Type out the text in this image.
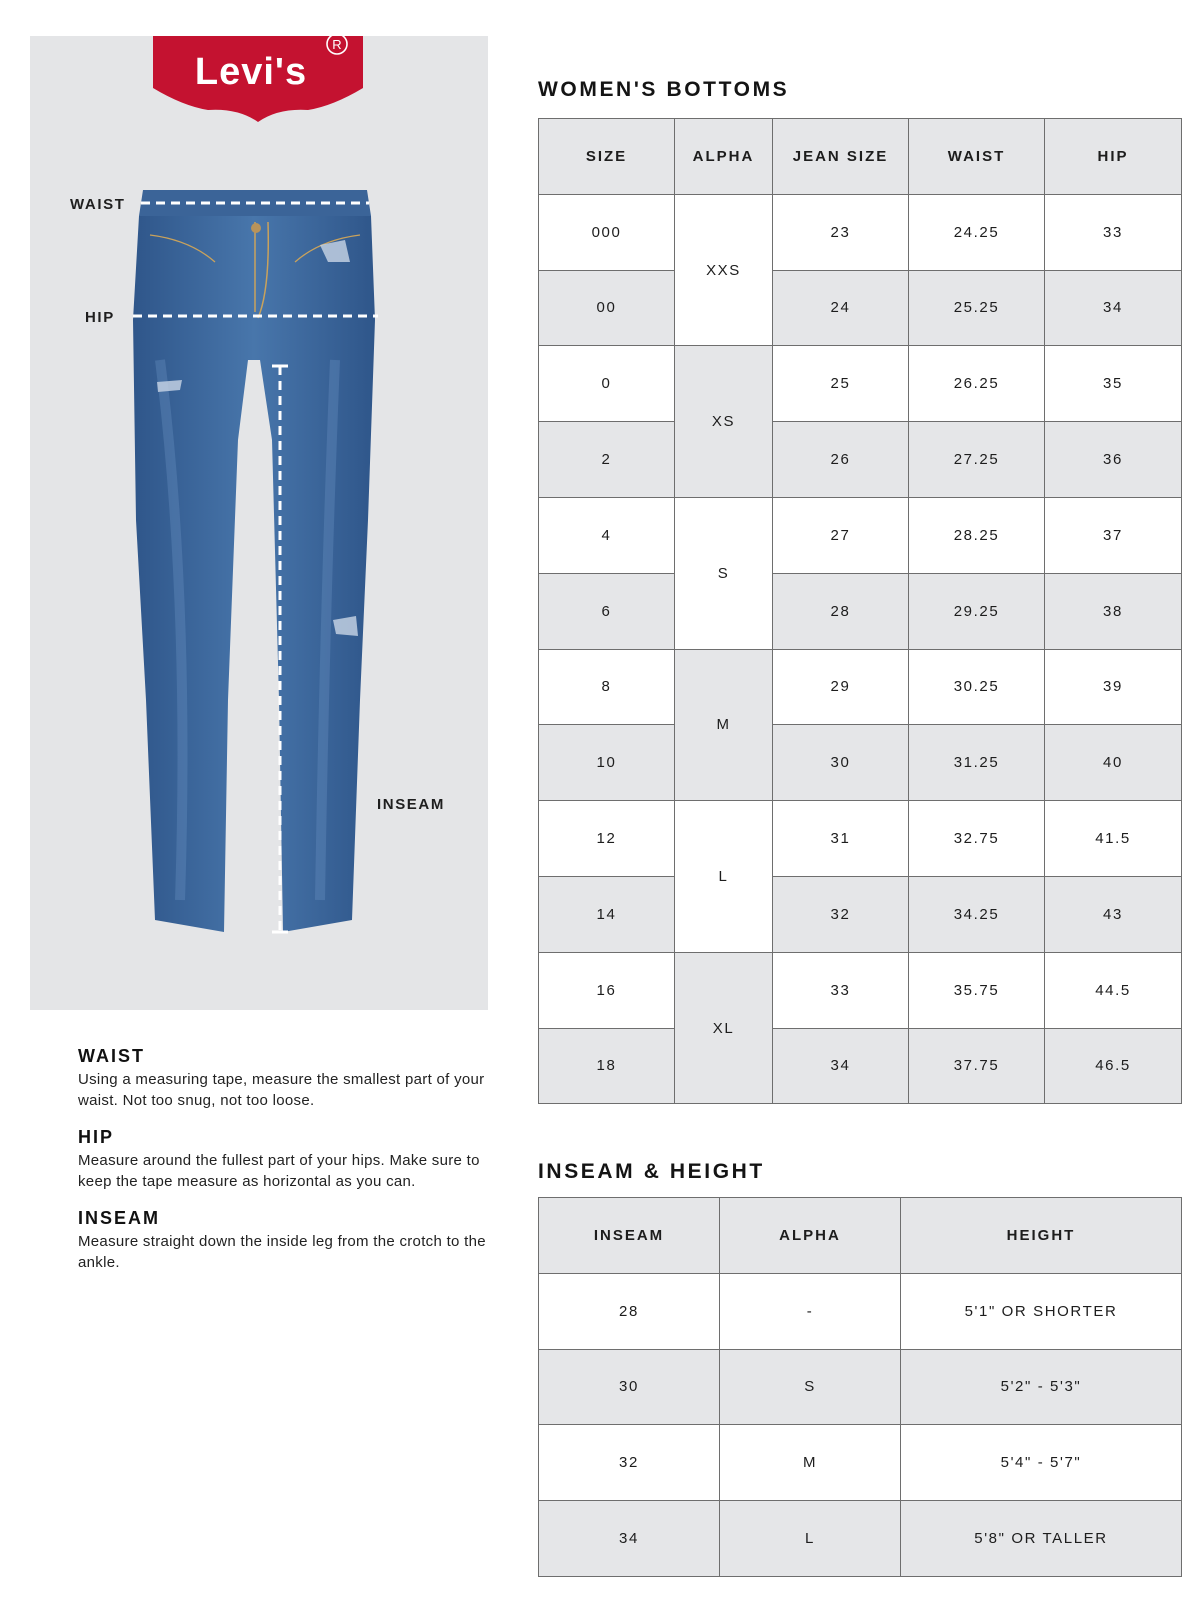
Levi's
R
WAIST
HIP
INSEAM
WAIST
Using a measuring tape, measure the smallest part of your waist. Not too snug, not too loose.
HIP
Measure around the fullest part of your hips. Make sure to keep the tape measure as horizontal as you can.
INSEAM
Measure straight down the inside leg from the crotch to the ankle.
WOMEN'S BOTTOMS
SIZE	ALPHA	JEAN SIZE	WAIST	HIP
000	XXS	23	24.25	33
00		24	25.25	34
0	XS	25	26.25	35
2		26	27.25	36
4	S	27	28.25	37
6		28	29.25	38
8	M	29	30.25	39
10		30	31.25	40
12	L	31	32.75	41.5
14		32	34.25	43
16	XL	33	35.75	44.5
18		34	37.75	46.5
INSEAM & HEIGHT
INSEAM	ALPHA	HEIGHT
28	-	5'1" OR SHORTER
30	S	5'2" - 5'3"
32	M	5'4" - 5'7"
34	L	5'8" OR TALLER
